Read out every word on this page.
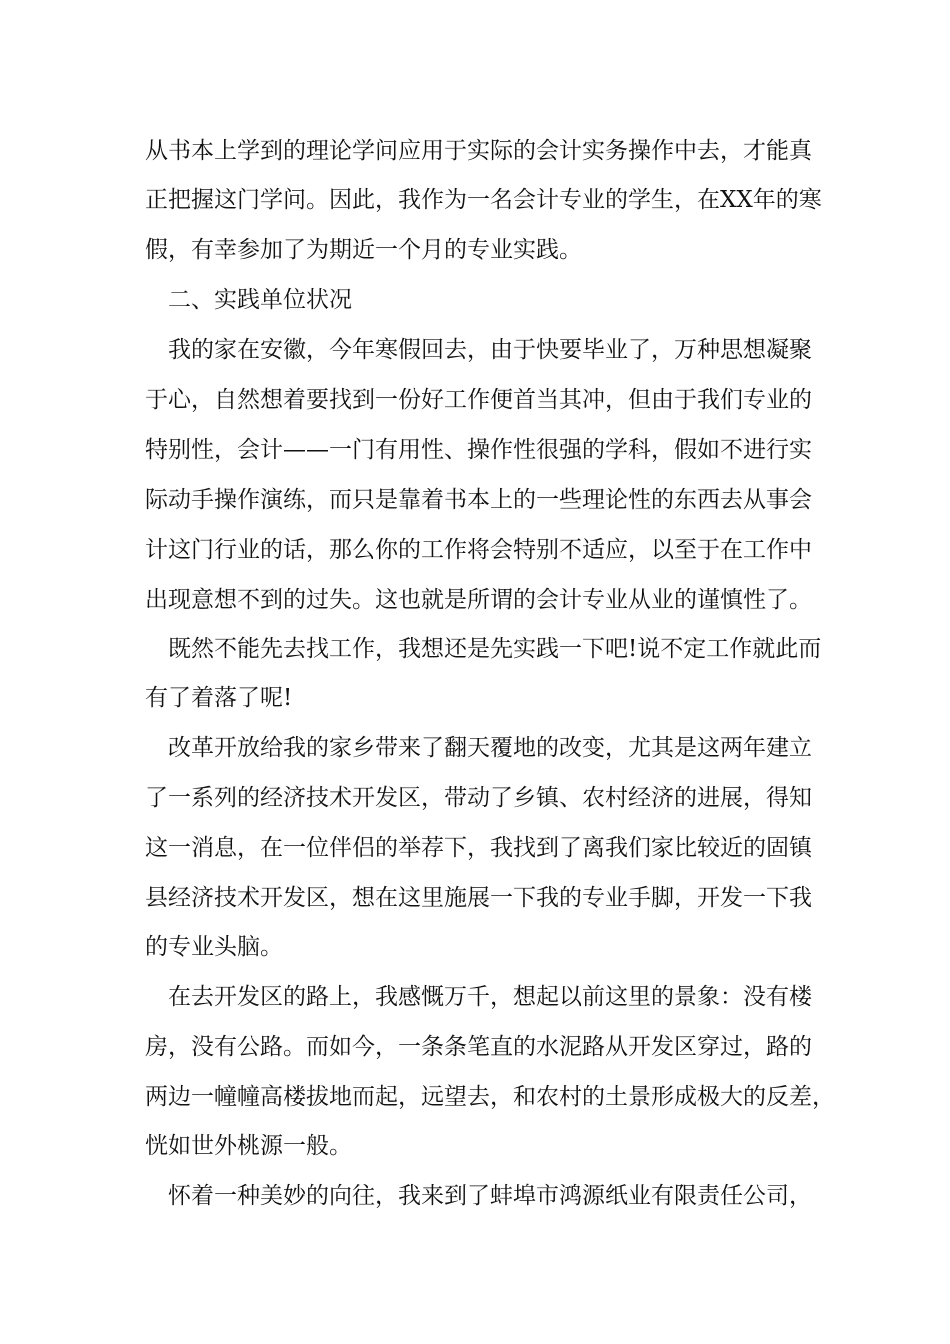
从书本上学到的理论学问应用于实际的会计实务操作中去，才能真

正把握这门学问。因此，我作为一名会计专业的学生，在XX年的寒

假，有幸参加了为期近一个月的专业实践。

二、实践单位状况

我的家在安徽，今年寒假回去，由于快要毕业了，万种思想凝聚

于心，自然想着要找到一份好工作便首当其冲，但由于我们专业的

特别性，会计——一门有用性、操作性很强的学科，假如不进行实

际动手操作演练，而只是靠着书本上的一些理论性的东西去从事会

计这门行业的话，那么你的工作将会特别不适应，以至于在工作中

出现意想不到的过失。这也就是所谓的会计专业从业的谨慎性了。

既然不能先去找工作，我想还是先实践一下吧!说不定工作就此而

有了着落了呢!

改革开放给我的家乡带来了翻天覆地的改变，尤其是这两年建立

了一系列的经济技术开发区，带动了乡镇、农村经济的进展，得知

这一消息，在一位伴侣的举荐下，我找到了离我们家比较近的固镇

县经济技术开发区，想在这里施展一下我的专业手脚，开发一下我

的专业头脑。

在去开发区的路上，我感慨万千，想起以前这里的景象：没有楼

房，没有公路。而如今，一条条笔直的水泥路从开发区穿过，路的

两边一幢幢高楼拔地而起，远望去，和农村的土景形成极大的反差，

恍如世外桃源一般。

怀着一种美妙的向往，我来到了蚌埠市鸿源纸业有限责任公司，
